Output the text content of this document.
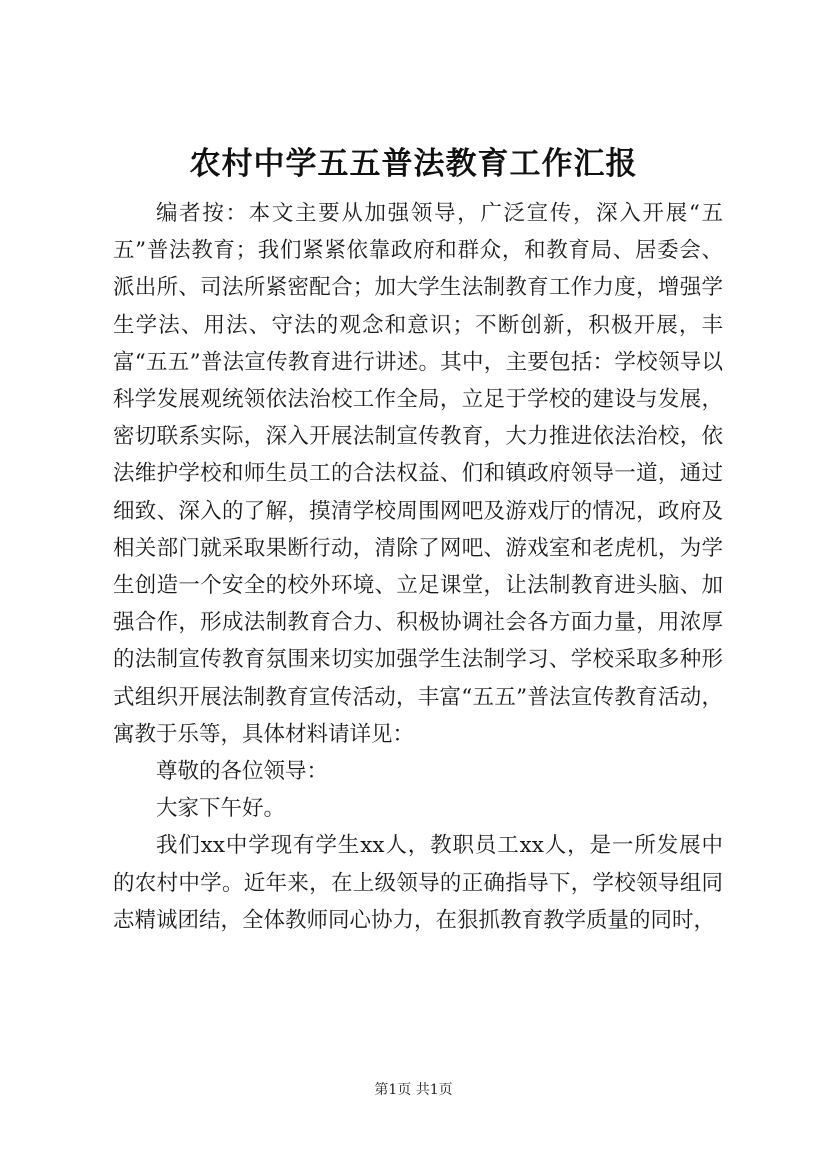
农村中学五五普法教育工作汇报

编者按：本文主要从加强领导，广泛宣传，深入开展“五五”普法教育；我们紧紧依靠政府和群众，和教育局、居委会、派出所、司法所紧密配合；加大学生法制教育工作力度，增强学生学法、用法、守法的观念和意识；不断创新，积极开展，丰富“五五”普法宣传教育进行讲述。其中，主要包括：学校领导以科学发展观统领依法治校工作全局，立足于学校的建设与发展，密切联系实际，深入开展法制宣传教育，大力推进依法治校，依法维护学校和师生员工的合法权益、们和镇政府领导一道，通过细致、深入的了解，摸清学校周围网吧及游戏厅的情况，政府及相关部门就采取果断行动，清除了网吧、游戏室和老虎机，为学生创造一个安全的校外环境、立足课堂，让法制教育进头脑、加强合作，形成法制教育合力、积极协调社会各方面力量，用浓厚的法制宣传教育氛围来切实加强学生法制学习、学校采取多种形式组织开展法制教育宣传活动，丰富“五五”普法宣传教育活动，寓教于乐等，具体材料请详见：

尊敬的各位领导：

大家下午好。

我们xx中学现有学生xx人，教职员工xx人，是一所发展中的农村中学。近年来，在上级领导的正确指导下，学校领导组同志精诚团结，全体教师同心协力，在狠抓教育教学质量的同时，

第1页 共1页
